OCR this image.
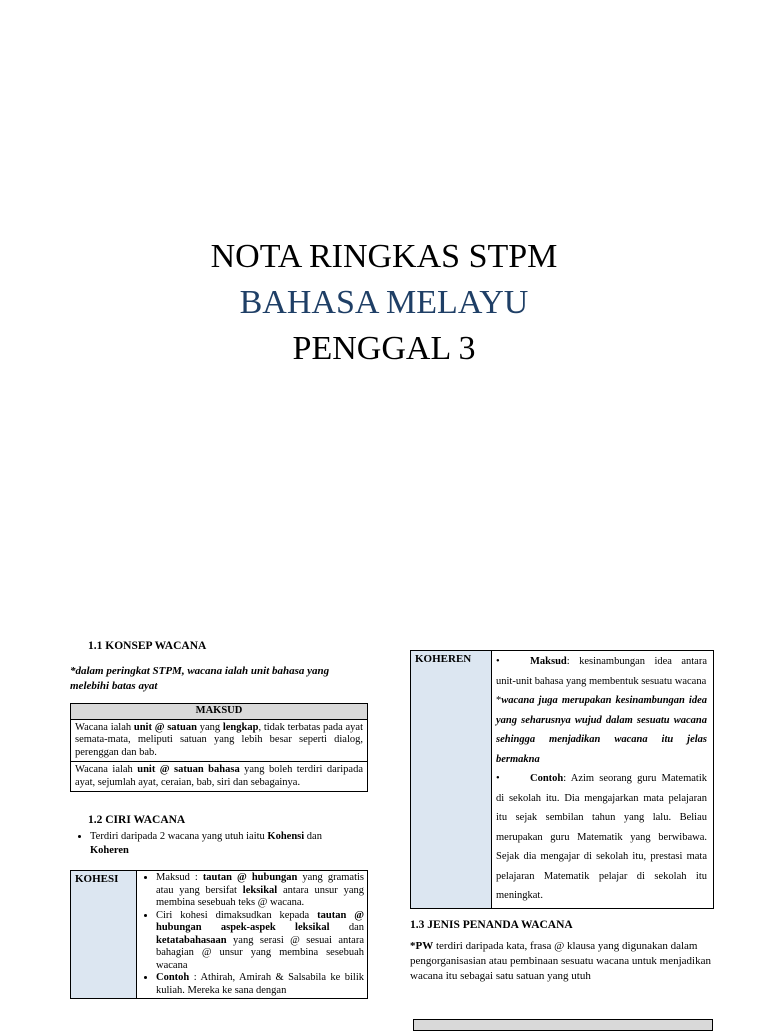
NOTA RINGKAS STPM

BAHASA MELAYU

PENGGAL 3

1.1 KONSEP WACANA
*dalam peringkat STPM, wacana ialah unit bahasa yang melebihi batas ayat
MAKSUD
Wacana ialah unit @ satuan yang lengkap, tidak terbatas pada ayat semata-mata, meliputi satuan yang lebih besar seperti dialog, perenggan dan bab.
Wacana ialah unit @ satuan bahasa yang boleh terdiri daripada ayat, sejumlah ayat, ceraian, bab, siri dan sebagainya.
1.2 CIRI WACANA
• Terdiri daripada 2 wacana yang utuh iaitu Kohensi dan
Koheren
KOHESI	
•Maksud : tautan @ hubungan yang gramatis atau yang bersifat leksikal antara unsur yang membina sesebuah teks @ wacana.
• Ciri kohesi dimaksudkan kepada tautan @ hubungan aspek-aspek leksikal dan ketatabahasaan yang serasi @ sesuai antara bahagian @ unsur yang membina sesebuah wacana
• Contoh : Athirah, Amirah & Salsabila ke bilik kuliah. Mereka ke sana dengan
KOHEREN	•	Maksud: kesinambungan idea antara unit-unit bahasa yang membentuk sesuatu wacana
*wacana juga merupakan kesinambungan idea yang seharusnya wujud dalam sesuatu wacana sehingga menjadikan wacana itu jelas bermakna
•	Contoh: Azim seorang guru Matematik di sekolah itu. Dia mengajarkan mata pelajaran itu sejak sembilan tahun yang lalu. Beliau merupakan guru Matematik yang berwibawa. Sejak dia mengajar di sekolah itu, prestasi mata pelajaran Matematik pelajar di sekolah itu meningkat.
1.3 JENIS PENANDA WACANA
*PW terdiri daripada kata, frasa @ klausa yang digunakan dalam pengorganisasian atau pembinaan sesuatu wacana untuk menjadikan wacana itu sebagai satu satuan yang utuh
